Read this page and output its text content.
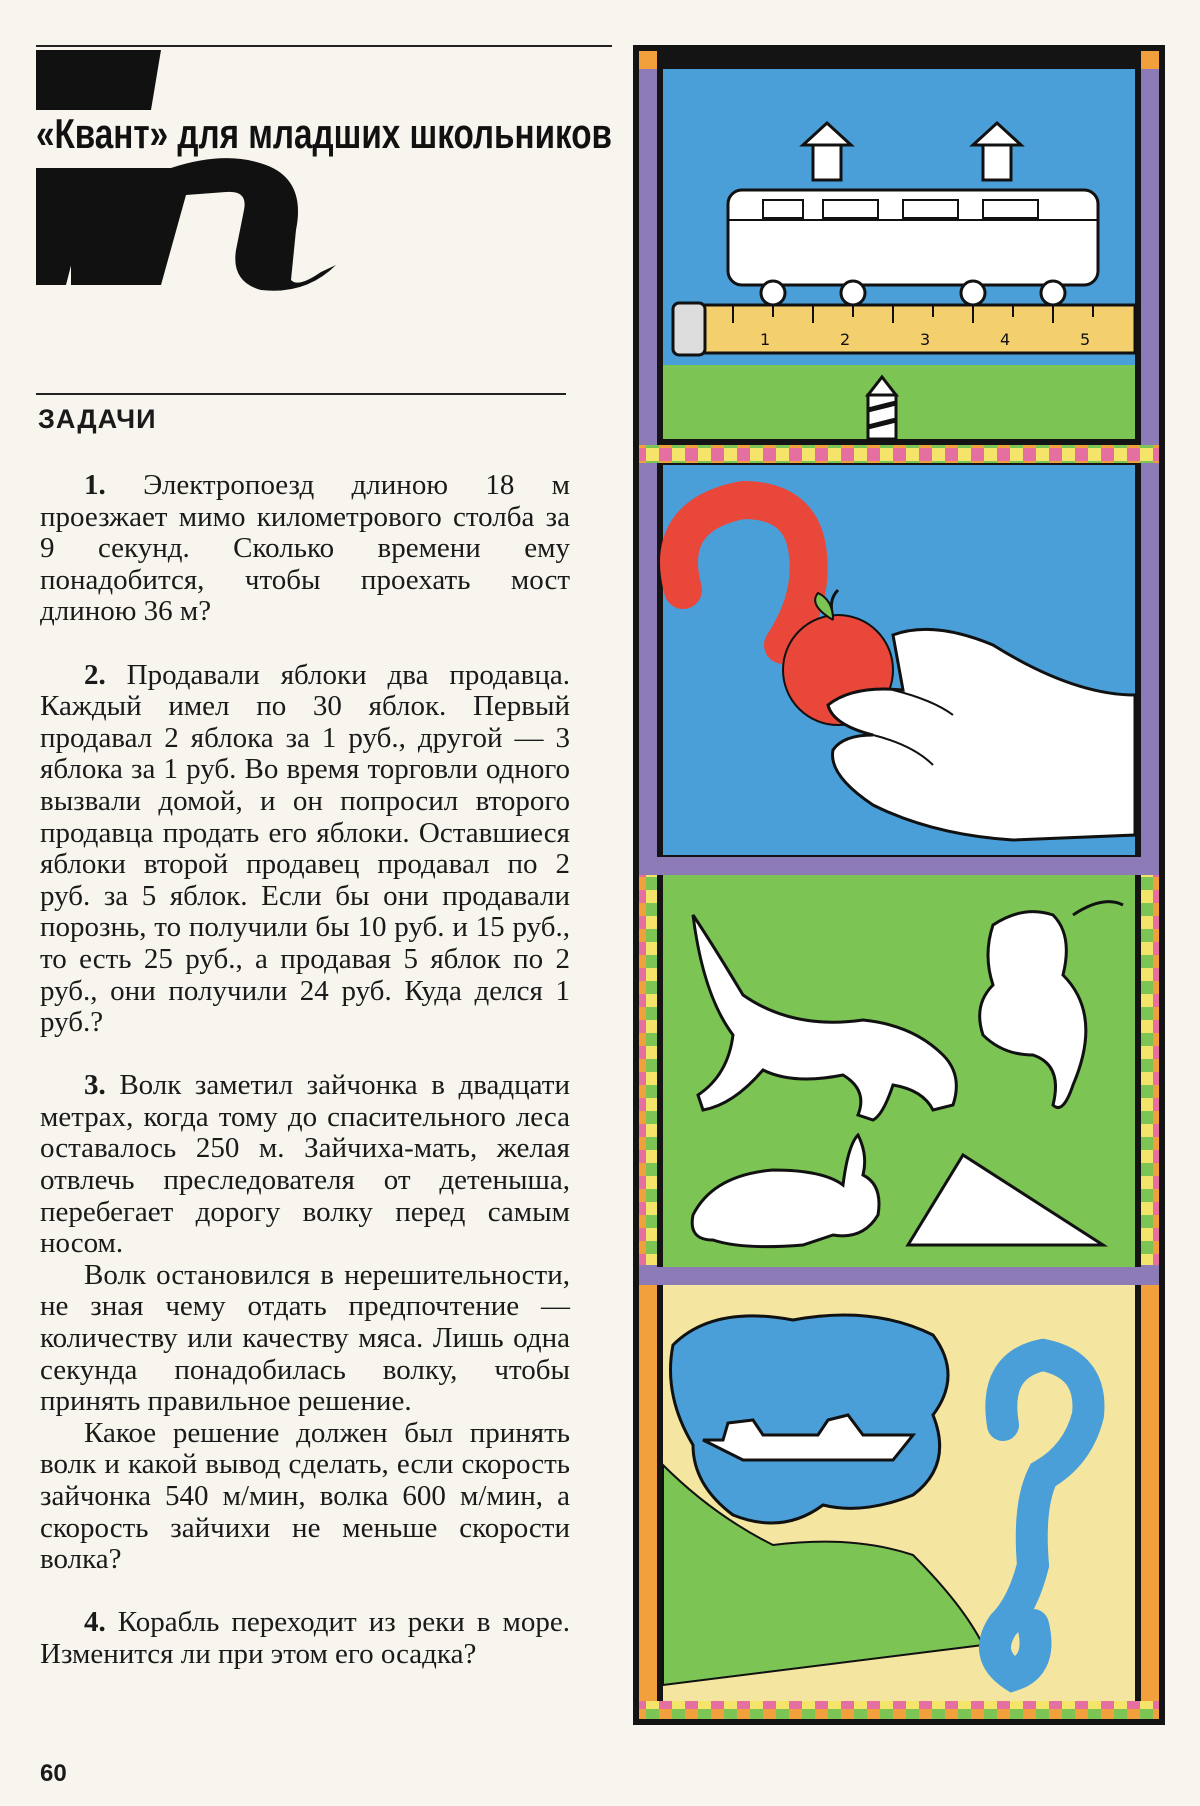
«Квант» для младших школьников
ЗАДАЧИ

1. Электропоезд длиною 18 м проезжает мимо километрового столба за 9 секунд. Сколько времени ему понадобится, чтобы проехать мост длиною 36 м?

2. Продавали яблоки два продавца. Каждый имел по 30 яблок. Первый продавал 2 яблока за 1 руб., другой — 3 яблока за 1 руб. Во время торговли одного вызвали домой, и он попросил второго продавца продать его яблоки. Оставшиеся яблоки второй продавец продавал по 2 руб. за 5 яблок. Если бы они продавали порознь, то получили бы 10 руб. и 15 руб., то есть 25 руб., а продавая 5 яблок по 2 руб., они получили 24 руб. Куда делся 1 руб.?

3. Волк заметил зайчонка в двадцати метрах, когда тому до спасительного леса оставалось 250 м. Зайчиха-мать, желая отвлечь преследователя от детеныша, перебегает дорогу волку перед самым носом.

Волк остановился в нерешительности, не зная чему отдать предпочтение — количеству или качеству мяса. Лишь одна секунда понадобилась волку, чтобы принять правильное решение.

Какое решение должен был принять волк и какой вывод сделать, если скорость зайчонка 540 м/мин, волка 600 м/мин, а скорость зайчихи не меньше скорости волка?

4. Корабль переходит из реки в море. Изменится ли при этом его осадка?

60
1	2	3	4	5
